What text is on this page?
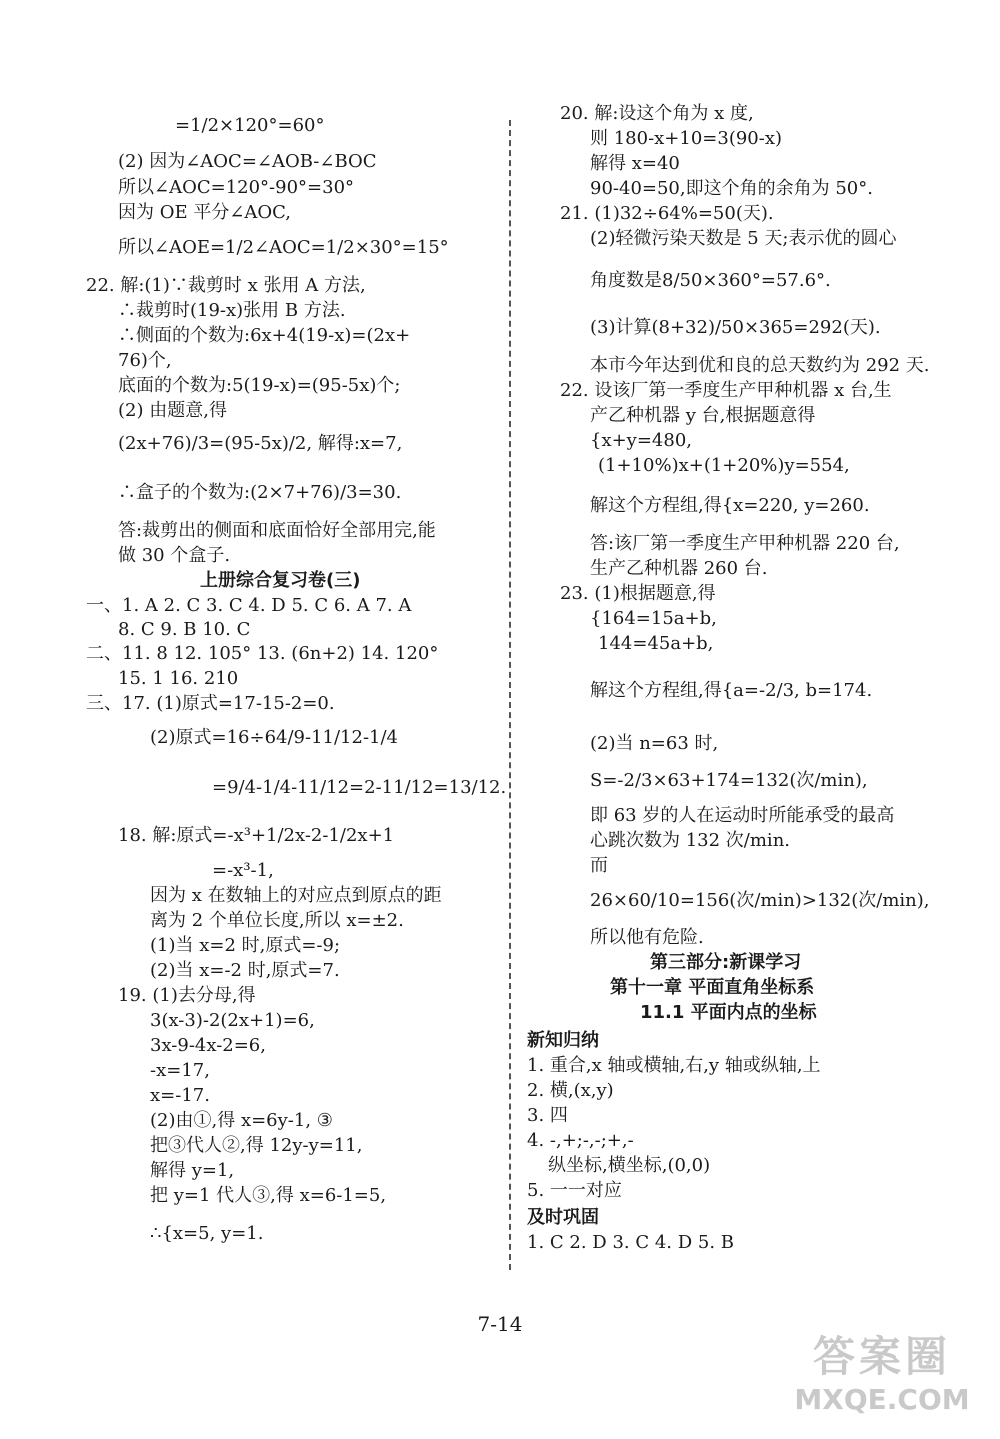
=1/2×120°=60°
(2) 因为∠AOC=∠AOB-∠BOC
所以∠AOC=120°-90°=30°
因为 OE 平分∠AOC,
所以∠AOE=1/2∠AOC=1/2×30°=15°
22. 解:(1)∵裁剪时 x 张用 A 方法,
∴裁剪时(19-x)张用 B 方法.
∴侧面的个数为:6x+4(19-x)=(2x+
76)个,
底面的个数为:5(19-x)=(95-5x)个;
(2) 由题意,得
(2x+76)/3=(95-5x)/2, 解得:x=7,
∴盒子的个数为:(2×7+76)/3=30.
答:裁剪出的侧面和底面恰好全部用完,能
做 30 个盒子.
上册综合复习卷(三)
一、1. A 2. C 3. C 4. D 5. C 6. A 7. A
8. C 9. B 10. C
二、11. 8 12. 105° 13. (6n+2) 14. 120°
15. 1 16. 210
三、17. (1)原式=17-15-2=0.
(2)原式=16÷64/9-11/12-1/4
=9/4-1/4-11/12=2-11/12=13/12.
18. 解:原式=-x³+1/2x-2-1/2x+1
=-x³-1,
因为 x 在数轴上的对应点到原点的距
离为 2 个单位长度,所以 x=±2.
(1)当 x=2 时,原式=-9;
(2)当 x=-2 时,原式=7.
19. (1)去分母,得
3(x-3)-2(2x+1)=6,
3x-9-4x-2=6,
-x=17,
x=-17.
(2)由①,得 x=6y-1, ③
把③代人②,得 12y-y=11,
解得 y=1,
把 y=1 代人③,得 x=6-1=5,
∴{x=5, y=1.
20. 解:设这个角为 x 度,
则 180-x+10=3(90-x)
解得 x=40
90-40=50,即这个角的余角为 50°.
21. (1)32÷64%=50(天).
(2)轻微污染天数是 5 天;表示优的圆心
角度数是8/50×360°=57.6°.
(3)计算(8+32)/50×365=292(天).
本市今年达到优和良的总天数约为 292 天.
22. 设该厂第一季度生产甲种机器 x 台,生
产乙种机器 y 台,根据题意得
{x+y=480,
(1+10%)x+(1+20%)y=554,
解这个方程组,得{x=220, y=260.
答:该厂第一季度生产甲种机器 220 台,
生产乙种机器 260 台.
23. (1)根据题意,得
{164=15a+b,
144=45a+b,
解这个方程组,得{a=-2/3, b=174.
(2)当 n=63 时,
S=-2/3×63+174=132(次/min),
即 63 岁的人在运动时所能承受的最高
心跳次数为 132 次/min.
而
26×60/10=156(次/min)>132(次/min),
所以他有危险.
第三部分:新课学习
第十一章 平面直角坐标系
11.1 平面内点的坐标
新知归纳
1. 重合,x 轴或横轴,右,y 轴或纵轴,上
2. 横,(x,y)
3. 四
4. -,+;-,-;+,-
纵坐标,横坐标,(0,0)
5. 一一对应
及时巩固
1. C 2. D 3. C 4. D 5. B
7-14
答案圈
MXQE.COM
